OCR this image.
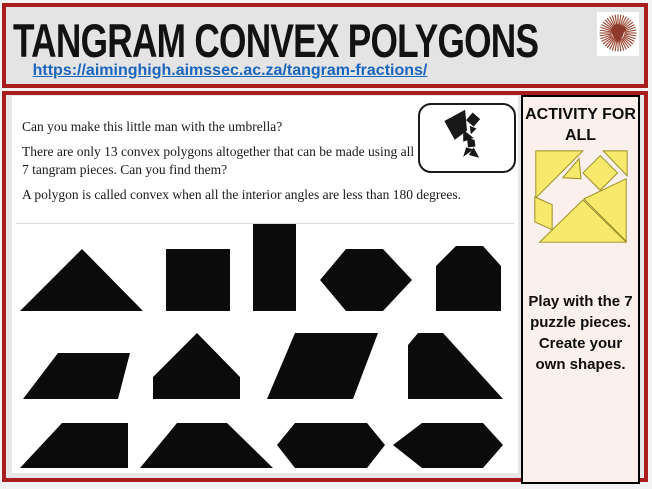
TANGRAM CONVEX POLYGONS
https://aiminghigh.aimssec.ac.za/tangram-fractions/

Can you make this little man with the umbrella?

There are only 13 convex polygons altogether that can be made using all 7 tangram pieces. Can you find them?

A polygon is called convex when all the interior angles are less than 180 degrees.

ACTIVITY FOR ALL
Play with the 7 puzzle pieces. Create your own shapes.
